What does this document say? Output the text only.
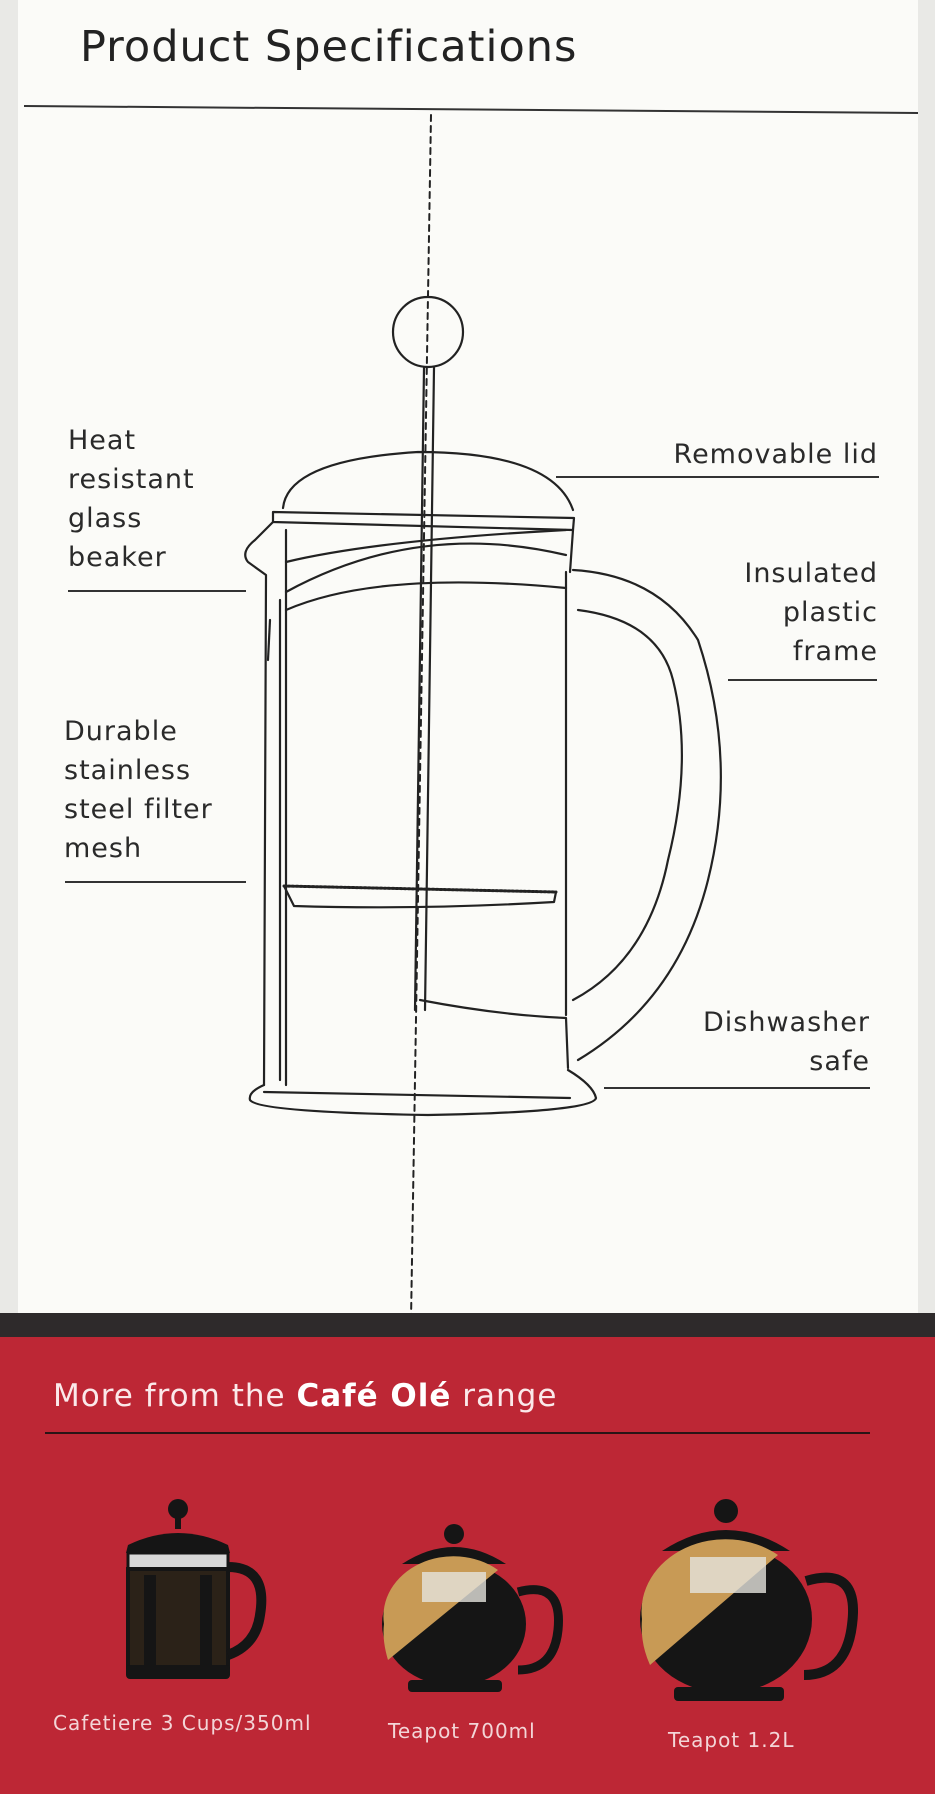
Product Specifications
Heat
resistant
glass
beaker
Durable
stainless
steel filter
mesh
Removable lid
Insulated
plastic
frame
Dishwasher
safe
More from the Café Olé range
Cafetiere 3 Cups/350ml	Teapot 700ml	Teapot 1.2L
